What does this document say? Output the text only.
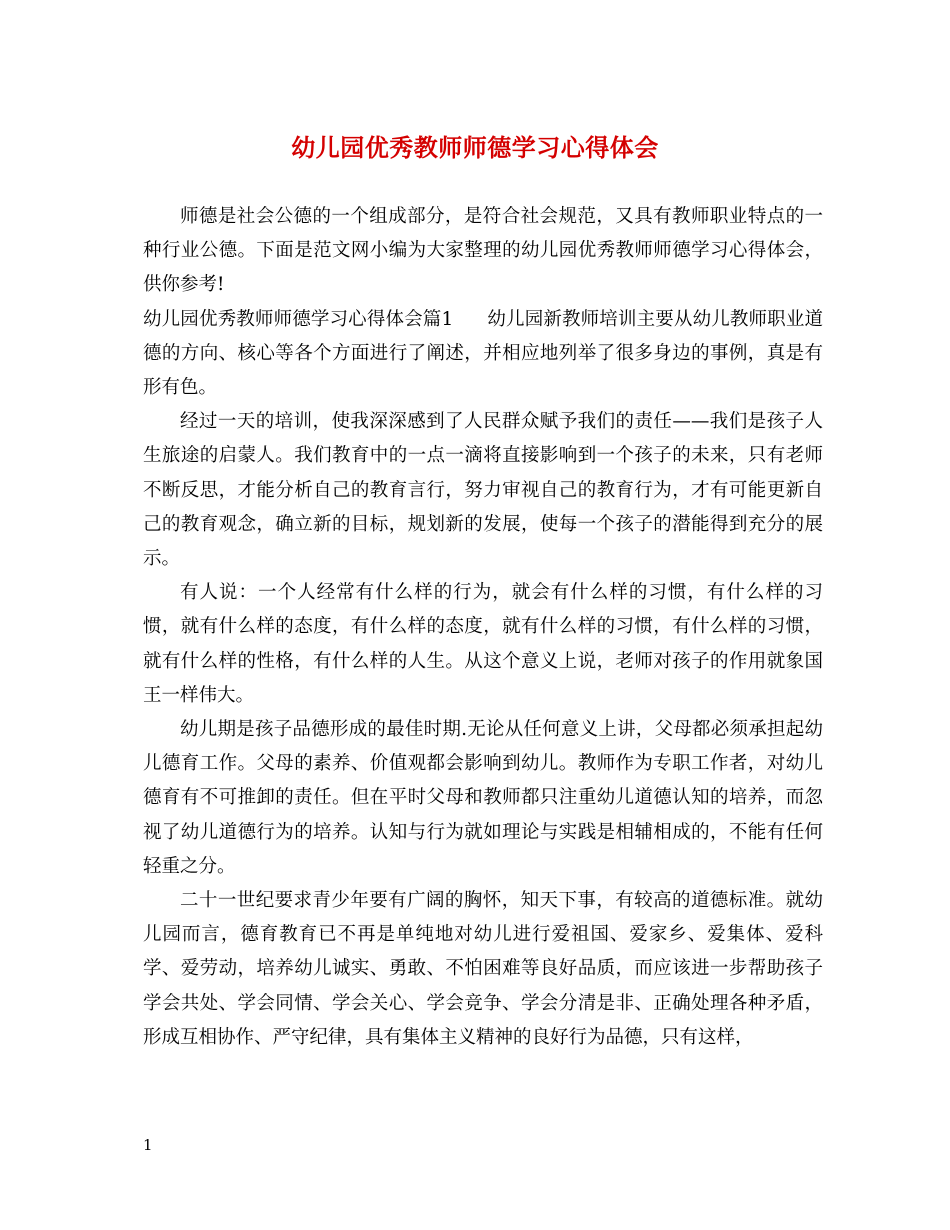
幼儿园优秀教师师德学习心得体会

师德是社会公德的一个组成部分，是符合社会规范，又具有教师职业特点的一种行业公德。下面是范文网小编为大家整理的幼儿园优秀教师师德学习心得体会，供你参考!

幼儿园优秀教师师德学习心得体会篇1 幼儿园新教师培训主要从幼儿教师职业道德的方向、核心等各个方面进行了阐述，并相应地列举了很多身边的事例，真是有形有色。

经过一天的培训，使我深深感到了人民群众赋予我们的责任——我们是孩子人生旅途的启蒙人。我们教育中的一点一滴将直接影响到一个孩子的未来，只有老师不断反思，才能分析自己的教育言行，努力审视自己的教育行为，才有可能更新自己的教育观念，确立新的目标，规划新的发展，使每一个孩子的潜能得到充分的展示。

有人说：一个人经常有什么样的行为，就会有什么样的习惯，有什么样的习惯，就有什么样的态度，有什么样的态度，就有什么样的习惯，有什么样的习惯，就有什么样的性格，有什么样的人生。从这个意义上说，老师对孩子的作用就象国王一样伟大。

幼儿期是孩子品德形成的最佳时期.无论从任何意义上讲，父母都必须承担起幼儿德育工作。父母的素养、价值观都会影响到幼儿。教师作为专职工作者，对幼儿德育有不可推卸的责任。但在平时父母和教师都只注重幼儿道德认知的培养，而忽视了幼儿道德行为的培养。认知与行为就如理论与实践是相辅相成的，不能有任何轻重之分。

二十一世纪要求青少年要有广阔的胸怀，知天下事，有较高的道德标准。就幼儿园而言，德育教育已不再是单纯地对幼儿进行爱祖国、爱家乡、爱集体、爱科学、爱劳动，培养幼儿诚实、勇敢、不怕困难等良好品质，而应该进一步帮助孩子学会共处、学会同情、学会关心、学会竞争、学会分清是非、正确处理各种矛盾，形成互相协作、严守纪律，具有集体主义精神的良好行为品德，只有这样，

1
